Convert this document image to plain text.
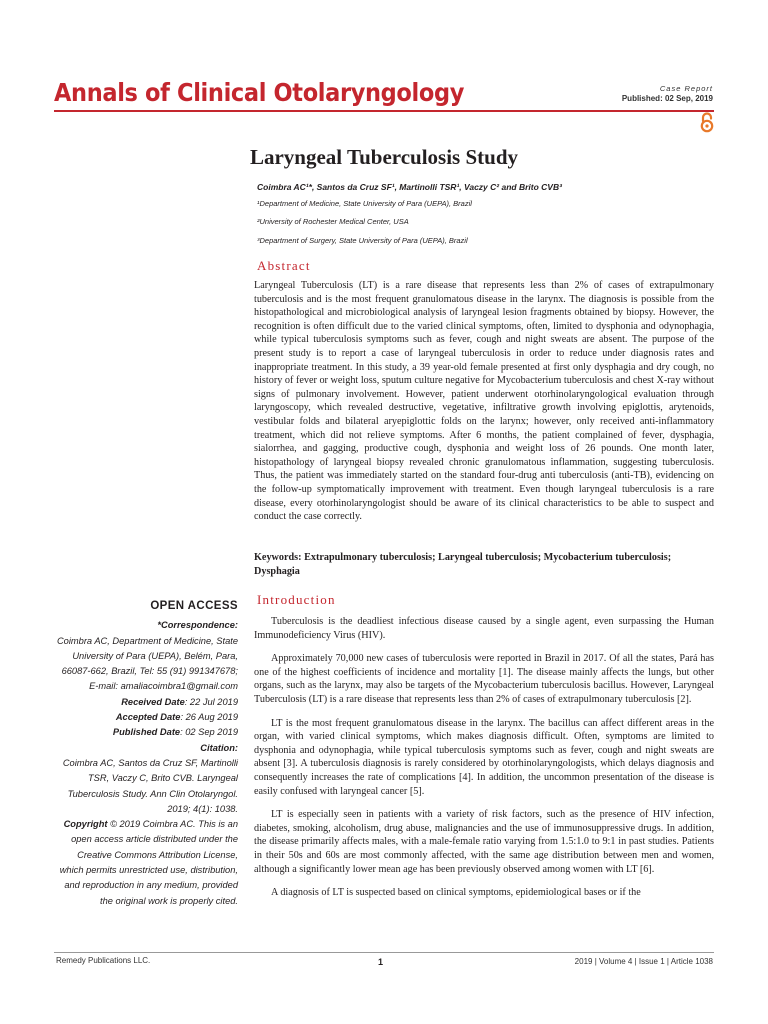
Annals of Clinical Otolaryngology	Case Report
Published: 02 Sep, 2019
Laryngeal Tuberculosis Study
Coimbra AC¹*, Santos da Cruz SF¹, Martinolli TSR¹, Vaczy C² and Brito CVB³
¹Department of Medicine, State University of Para (UEPA), Brazil
²University of Rochester Medical Center, USA
³Department of Surgery, State University of Para (UEPA), Brazil
Abstract

Laryngeal Tuberculosis (LT) is a rare disease that represents less than 2% of cases of extrapulmonary tuberculosis and is the most frequent granulomatous disease in the larynx. The diagnosis is possible from the histopathological and microbiological analysis of laryngeal lesion fragments obtained by biopsy. However, the recognition is often difficult due to the varied clinical symptoms, often, limited to dysphonia and odynophagia, while typical tuberculosis symptoms such as fever, cough and night sweats are absent. The purpose of the present study is to report a case of laryngeal tuberculosis in order to reduce under diagnosis rates and inappropriate treatment. In this study, a 39 year-old female presented at first only dysphagia and dry cough, no history of fever or weight loss, sputum culture negative for Mycobacterium tuberculosis and chest X-ray without signs of pulmonary involvement. However, patient underwent otorhinolaryngological evaluation through laryngoscopy, which revealed destructive, vegetative, infiltrative growth involving epiglottis, arytenoids, vestibular folds and bilateral aryepiglottic folds on the larynx; however, only received anti-inflammatory treatment, which did not relieve symptoms. After 6 months, the patient complained of fever, dysphagia, sialorrhea, and gagging, productive cough, dysphonia and weight loss of 26 pounds. One month later, histopathology of laryngeal biopsy revealed chronic granulomatous inflammation, suggesting tuberculosis. Thus, the patient was immediately started on the standard four-drug anti tuberculosis (anti-TB), evidencing on the follow-up symptomatically improvement with treatment. Even though laryngeal tuberculosis is a rare disease, every otorhinolaryngologist should be aware of its clinical characteristics to be able to suspect and conduct the case correctly.

Keywords: Extrapulmonary tuberculosis; Laryngeal tuberculosis; Mycobacterium tuberculosis; Dysphagia

Introduction

Tuberculosis is the deadliest infectious disease caused by a single agent, even surpassing the Human Immunodeficiency Virus (HIV).

Approximately 70,000 new cases of tuberculosis were reported in Brazil in 2017. Of all the states, Pará has one of the highest coefficients of incidence and mortality [1]. The disease mainly affects the lungs, but other organs, such as the larynx, may also be targets of the Mycobacterium tuberculosis bacillus. However, Laryngeal Tuberculosis (LT) is a rare disease that represents less than 2% of cases of extrapulmonary tuberculosis [2].

LT is the most frequent granulomatous disease in the larynx. The bacillus can affect different areas in the organ, with varied clinical symptoms, which makes diagnosis difficult. Often, symptoms are limited to dysphonia and odynophagia, while typical tuberculosis symptoms such as fever, cough and night sweats are absent [3]. A tuberculosis diagnosis is rarely considered by otorhinolaryngologists, which delays diagnosis and consequently increases the rate of complications [4]. In addition, the uncommon presentation of the disease is easily confused with laryngeal cancer [5].

LT is especially seen in patients with a variety of risk factors, such as the presence of HIV infection, diabetes, smoking, alcoholism, drug abuse, malignancies and the use of immunosuppressive drugs. In addition, the disease primarily affects males, with a male-female ratio varying from 1.5:1.0 to 9:1 in past studies. Patients in their 50s and 60s are most commonly affected, with the same age distribution between men and women, although a significantly lower mean age has been previously observed among women with LT [6].

A diagnosis of LT is suspected based on clinical symptoms, epidemiological bases or if the

OPEN ACCESS
*Correspondence:
Coimbra AC, Department of Medicine, State University of Para (UEPA), Belém, Para, 66087-662, Brazil, Tel: 55 (91) 991347678;
E-mail: amaliacoimbra1@gmail.com
Received Date: 22 Jul 2019
Accepted Date: 26 Aug 2019
Published Date: 02 Sep 2019
Citation:
Coimbra AC, Santos da Cruz SF, Martinolli TSR, Vaczy C, Brito CVB. Laryngeal Tuberculosis Study. Ann Clin Otolaryngol. 2019; 4(1): 1038.
Copyright © 2019 Coimbra AC. This is an open access article distributed under the Creative Commons Attribution License, which permits unrestricted use, distribution, and reproduction in any medium, provided the original work is properly cited.
Remedy Publications LLC.	1	2019 | Volume 4 | Issue 1 | Article 1038
